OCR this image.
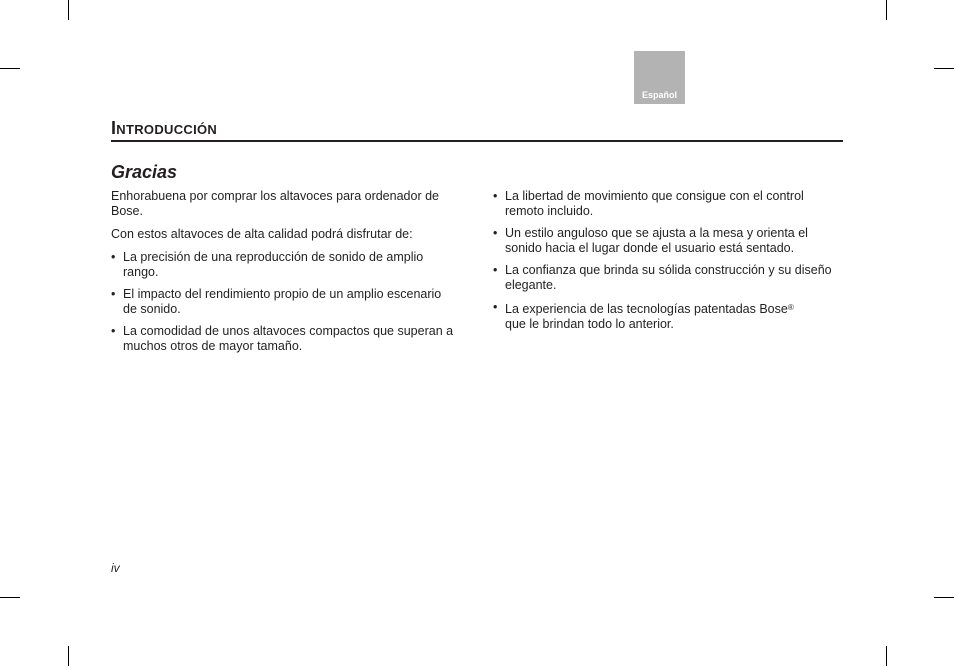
Español
Introducción
Gracias

Enhorabuena por comprar los altavoces para ordenador de Bose.

Con estos altavoces de alta calidad podrá disfrutar de:

• La precisión de una reproducción de sonido de amplio rango.
• El impacto del rendimiento propio de un amplio escenario de sonido.
• La comodidad de unos altavoces compactos que superan a muchos otros de mayor tamaño.
• La libertad de movimiento que consigue con el control remoto incluido.
• Un estilo anguloso que se ajusta a la mesa y orienta el sonido hacia el lugar donde el usuario está sentado.
• La confianza que brinda su sólida construcción y su diseño elegante.
• La experiencia de las tecnologías patentadas Bose®
que le brindan todo lo anterior.
iv
